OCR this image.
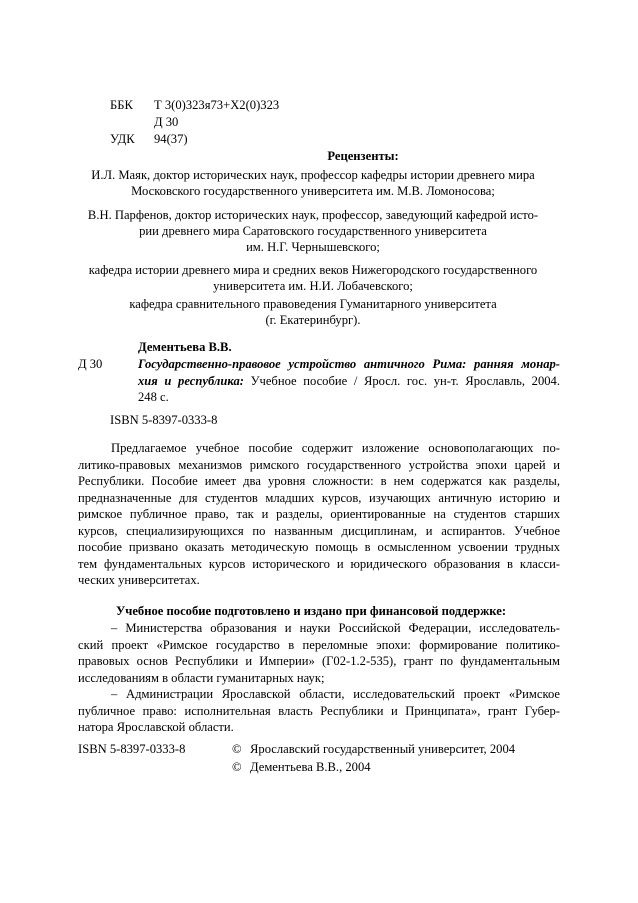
ББК Т 3(0)323я73+Х2(0)323
Д 30
УДК 94(37)
Рецензенты:
И.Л. Маяк, доктор исторических наук, профессор кафедры истории древнего мира
Московского государственного университета им. М.В. Ломоносова;
В.Н. Парфенов, доктор исторических наук, профессор, заведующий кафедрой исто-
рии древнего мира Саратовского государственного университета
им. Н.Г. Чернышевского;
кафедра истории древнего мира и средних веков Нижегородского государственного
университета им. Н.И. Лобачевского;
кафедра сравнительного правоведения Гуманитарного университета
(г. Екатеринбург).
Дементьева В.В.
Д 30	Государственно-правовое устройство античного Рима: ранняя монар-
хия и республика: Учебное пособие / Яросл. гос. ун-т. Ярославль, 2004.
248 с.
ISBN 5-8397-0333-8
Предлагаемое учебное пособие содержит изложение основополагающих по-
литико-правовых механизмов римского государственного устройства эпохи царей и
Республики. Пособие имеет два уровня сложности: в нем содержатся как разделы,
предназначенные для студентов младших курсов, изучающих античную историю и
римское публичное право, так и разделы, ориентированные на студентов старших
курсов, специализирующихся по названным дисциплинам, и аспирантов. Учебное
пособие призвано оказать методическую помощь в осмысленном усвоении трудных
тем фундаментальных курсов исторического и юридического образования в класси-
ческих университетах.
Учебное пособие подготовлено и издано при финансовой поддержке:
– Министерства образования и науки Российской Федерации, исследователь-
ский проект «Римское государство в переломные эпохи: формирование политико-
правовых основ Республики и Империи» (Г02-1.2-535), грант по фундаментальным
исследованиям в области гуманитарных наук;
– Администрации Ярославской области, исследовательский проект «Римское
публичное право: исполнительная власть Республики и Принципата», грант Губер-
натора Ярославской области.
ISBN 5-8397-0333-8	© Ярославский государственный университет, 2004
© Дементьева В.В., 2004
